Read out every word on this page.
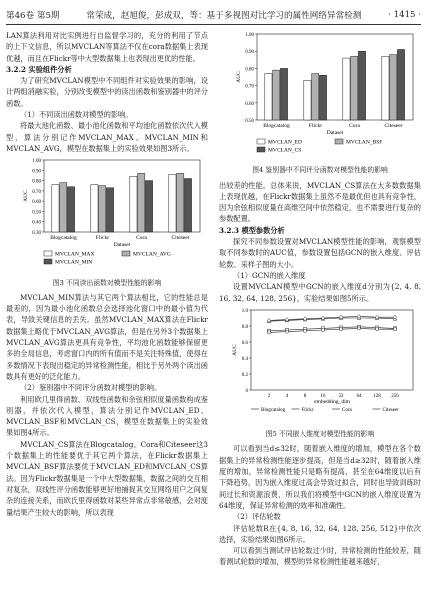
第46卷 第5期	常荣成，赵旭俊，彭成双，等：基于多视图对比学习的属性网络异常检测	· 1415 ·

LAN算法利用对比实例进行自监督学习的，充分的利用了节点的上下文信息，所以MVCLAN等算法不仅在cora数据集上表现优越，而且在Flickr等中大型数据集上也表现出更优的性能。

3.2.2 实验组件分析

为了研究MVCLAN模型中不同组件对实验效果的影响，设计两组消融实验，分别改变模型中的读出函数和鉴别器中的评分函数。

（1）不同读出函数对模型的影响。

将最大池化函数、最小池化函数和平均池化函数依次代入模型，算法分别记作MVCLAN_MAX、MVCLAN_MIN和MVCLAN_AVG，模型在数据集上的实验效果如图3所示。

0.30
0.40
0.50
0.60
0.70
0.80
0.90
1.00
AUC
Blogcatalog	Flickr	Cora	Citeseer
Dataset
MVCLAN_MAX	MVCLAN_AVG
MVCLAN_MIN
图3 不同读出函数对模型性能的影响

MVCLAN_MIN算法与其它两个算法相比，它的性能总是最差的，因为最小池化函数总会选择池化窗口中的最小值为代表，导致关键信息的丢失。虽然MVCLAN_MAX算法在Flickr数据集上略优于MVCLAN_AVG算法，但是在另外3个数据集上MVCLAN_AVG算法更具有竞争性，平均池化函数能够保留更多的全局信息，考虑窗口内的所有值而不是关注特殊值，使得在多数情况下表现出稳定的异常检测性能，相比于另外两个读出函数具有更好的泛化能力。

（2）鉴别器中不同评分函数对模型的影响。

利用欧几里得函数、双线性函数和余弦相似度量函数构成鉴别器，并依次代入模型，算法分别记作MVCLAN_ED、MVCLAN_BSF和MVCLAN_CS，模型在数据集上的实验效果如图4所示。

MVCLAN_CS算法在Blogcatalog、Cora和Citeseer这3个数据集上的性能要优于其它两个算法，在Flickr数据集上MVCLAN_BSF算法要优于MVCLAN_ED和MVCLAN_CS算法。因为Flickr数据集是一个中大型数据集，数据之间的交互相对复杂，双线性评分函数能够更好地捕捉其交互网络用户之间复杂的连接关系，而欧氏里得函数对某些异常点非常敏感，会对度量结果产生较大的影响，所以表现

0.50
0.60
0.70
0.80
0.90
1.00
AUC
Blogcatalog	Flickr	Cora	Citeseer
Dataset
MVCLAN_ED	MVCLAN_BSF
MVCLAN_CS
图4 鉴别器中不同评分函数对模型性能的影响

出较差的性能。总体来说，MVCLAN_CS算法在大多数数据集上表现优越，在Flickr数据集上虽然不是最优但也具有竞争性，因为余弦相似度量在高维空间中依然稳定，也不需要进行复杂的参数配置。

3.2.3 模型参数分析

探究不同参数设置对MVCLAN模型性能的影响，观察模型取不同参数时的AUC值，参数设置包括GCN的嵌入维度、评估轮数、采样子图的大小。

（1）GCN的嵌入维度

设置MVCLAN模型中GCN的嵌入维度d分别为{2, 4, 8, 16, 32, 64, 128, 256}，实验结果如图5所示。

0
0.2
0.4
0.6
0.8
1.0
AUC
2	4	8	16	32	64 128 256
embedding_dim
Blogcatalog	Flickr	Cora	Citeseer
图5 不同嵌入维度对模型性能的影响

可以看到当d≤32时，随着嵌入维度的增加，模型在各个数据集上的异常检测性能逐步提高，但是当d≥32时，随着嵌入维度的增加，异常检测性能只是略有提高，甚至在64维度以后有下降趋势，因为嵌入维度过高会导致过拟合，同时也导致训练时间过长和资源浪费，所以我们将模型中GCN的嵌入维度设置为64维度，保证异常检测的效率和准确性。

（2）评估轮数

评估轮数R在{4, 8, 16, 32, 64, 128, 256, 512}中依次选择，实验结果如图6所示。

可以看到当测试评估轮数过少时，异常检测的性能较差，随着测试轮数的增加，模型的异常检测性能越来越好，
